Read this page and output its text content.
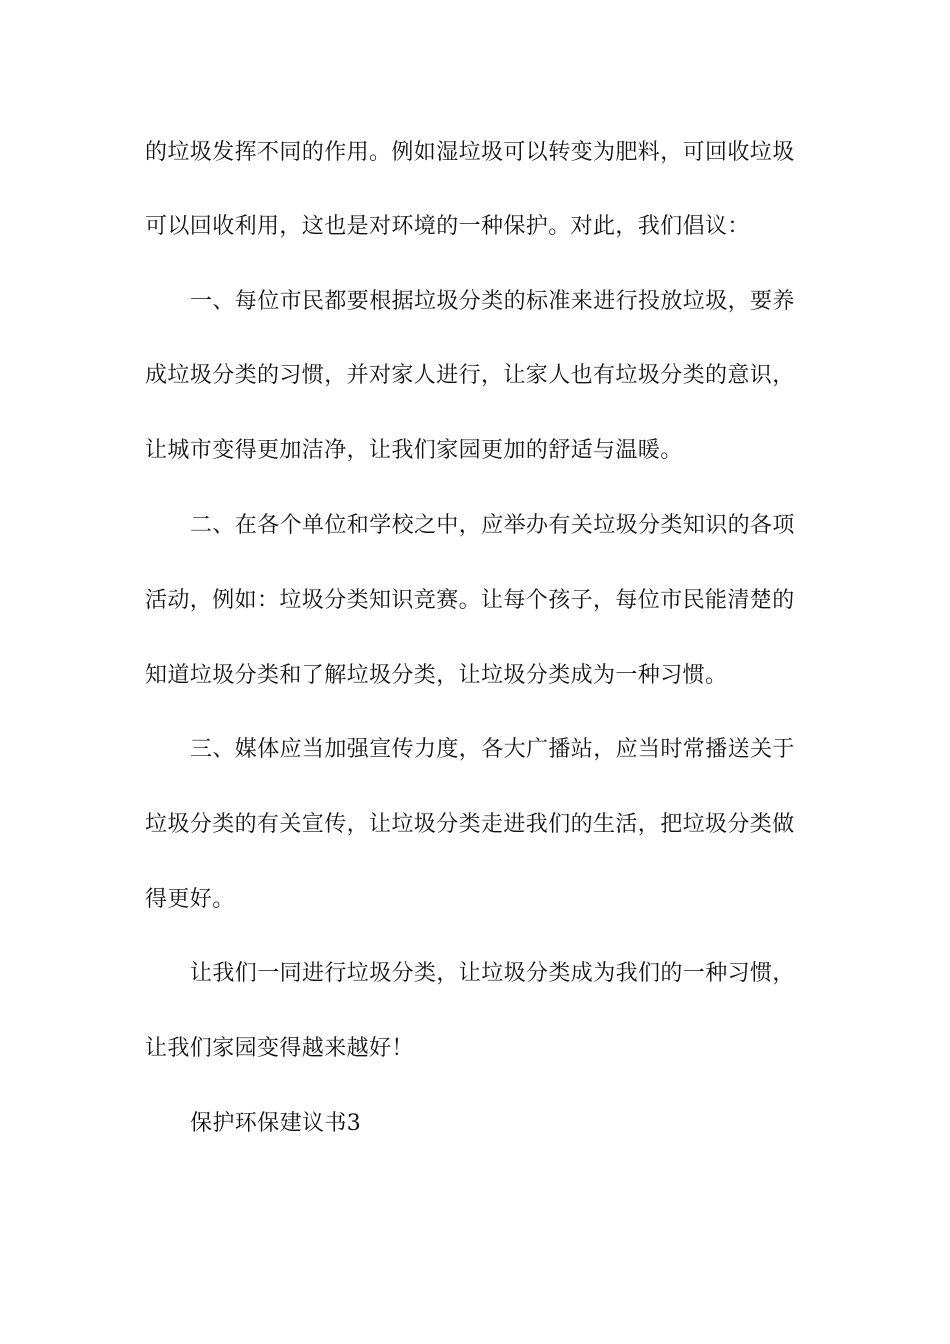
的垃圾发挥不同的作用。例如湿垃圾可以转变为肥料，可回收垃圾
可以回收利用，这也是对环境的一种保护。对此，我们倡议：
一、每位市民都要根据垃圾分类的标准来进行投放垃圾，要养
成垃圾分类的习惯，并对家人进行，让家人也有垃圾分类的意识，
让城市变得更加洁净，让我们家园更加的舒适与温暖。
二、在各个单位和学校之中，应举办有关垃圾分类知识的各项
活动，例如：垃圾分类知识竞赛。让每个孩子，每位市民能清楚的
知道垃圾分类和了解垃圾分类，让垃圾分类成为一种习惯。
三、媒体应当加强宣传力度，各大广播站，应当时常播送关于
垃圾分类的有关宣传，让垃圾分类走进我们的生活，把垃圾分类做
得更好。
让我们一同进行垃圾分类，让垃圾分类成为我们的一种习惯，
让我们家园变得越来越好！
保护环保建议书3
